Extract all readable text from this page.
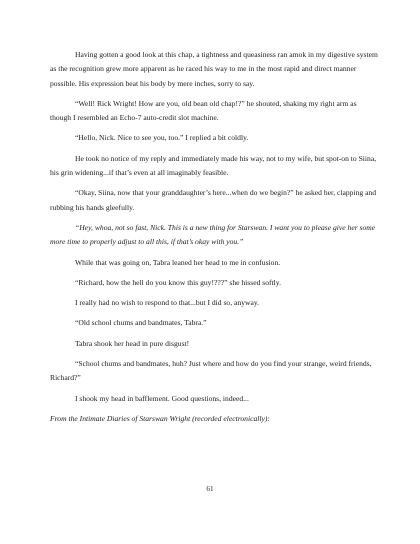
Having gotten a good look at this chap, a tightness and queasiness ran amok in my digestive system as the recognition grew more apparent as he raced his way to me in the most rapid and direct manner possible. His expression beat his body by mere inches, sorry to say.

“Well! Rick Wright! How are you, old bean old chap!?” he shouted, shaking my right arm as though I resembled an Echo-7 auto-credit slot machine.

“Hello, Nick. Nice to see you, too.” I replied a bit coldly.

He took no notice of my reply and immediately made his way, not to my wife, but spot-on to Siina, his grin widening...if that’s even at all imaginably feasible.

“Okay, Siina, now that your granddaughter’s here...when do we begin?” he asked her, clapping and rubbing his hands gleefully.

“Hey, whoa, not so fast, Nick. This is a new thing for Starswan. I want you to please give her some more time to properly adjust to all this, if that’s okay with you.”

While that was going on, Tabra leaned her head to me in confusion.

“Richard, how the hell do you know this guy!???” she hissed softly.

I really had no wish to respond to that...but I did so, anyway.

“Old school chums and bandmates, Tabra.”

Tabra shook her head in pure disgust!

“School chums and bandmates, huh? Just where and how do you find your strange, weird friends, Richard?”

I shook my head in bafflement. Good questions, indeed...

From the Intimate Diaries of Starswan Wright (recorded electronically):

61
